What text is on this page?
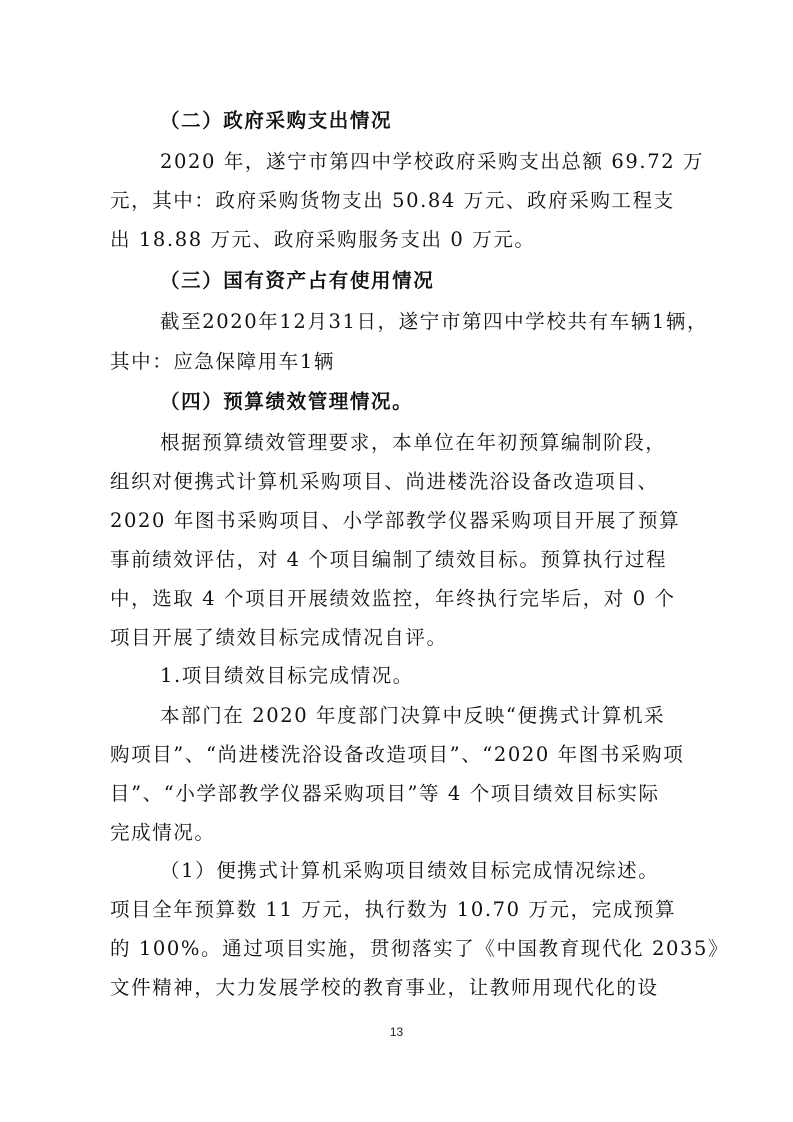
（二）政府采购支出情况
2020 年，遂宁市第四中学校政府采购支出总额 69.72 万
元，其中：政府采购货物支出 50.84 万元、政府采购工程支
出 18.88 万元、政府采购服务支出 0 万元。
（三）国有资产占有使用情况
截至2020年12月31日，遂宁市第四中学校共有车辆1辆，
其中：应急保障用车1辆
（四）预算绩效管理情况。
根据预算绩效管理要求，本单位在年初预算编制阶段，
组织对便携式计算机采购项目、尚进楼洗浴设备改造项目、
2020 年图书采购项目、小学部教学仪器采购项目开展了预算
事前绩效评估，对 4 个项目编制了绩效目标。预算执行过程
中，选取 4 个项目开展绩效监控，年终执行完毕后，对 0 个
项目开展了绩效目标完成情况自评。
1.项目绩效目标完成情况。
本部门在 2020 年度部门决算中反映“便携式计算机采
购项目”、“尚进楼洗浴设备改造项目”、“2020 年图书采购项
目”、“小学部教学仪器采购项目”等 4 个项目绩效目标实际
完成情况。
（1）便携式计算机采购项目绩效目标完成情况综述。
项目全年预算数 11 万元，执行数为 10.70 万元，完成预算
的 100%。通过项目实施，贯彻落实了《中国教育现代化 2035》
文件精神，大力发展学校的教育事业，让教师用现代化的设
13
